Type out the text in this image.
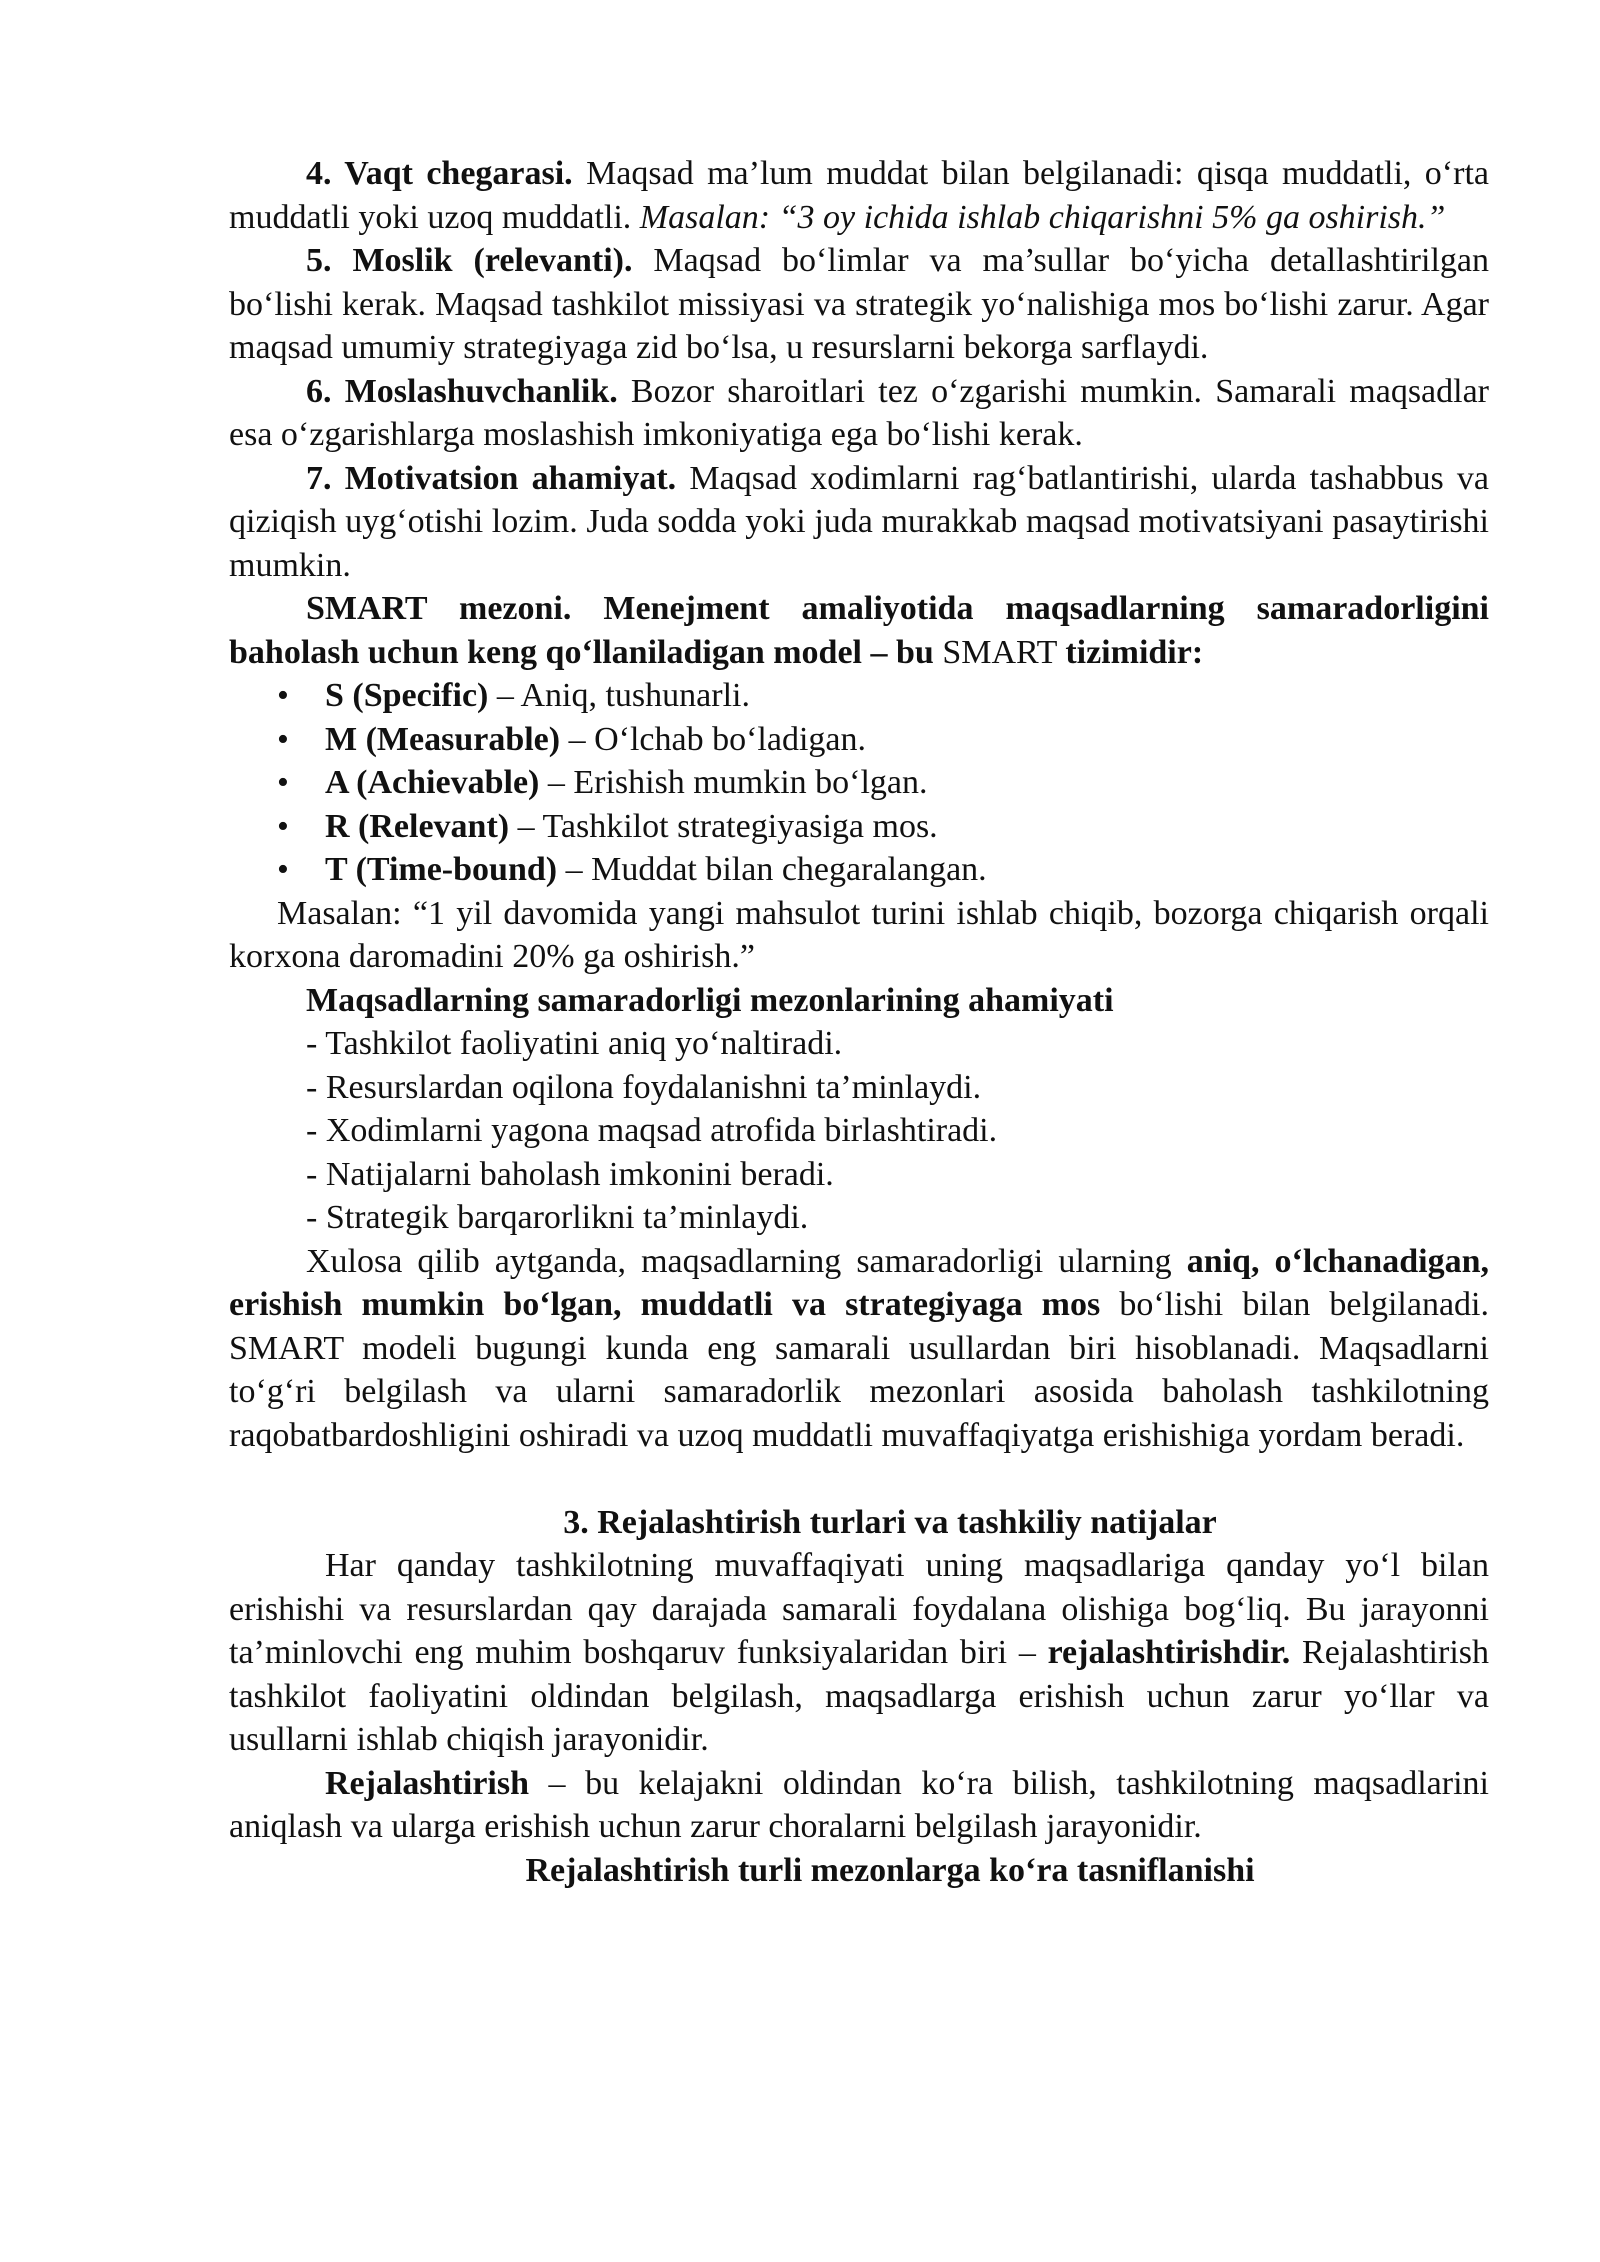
4. Vaqt chegarasi. Maqsad ma’lum muddat bilan belgilanadi: qisqa muddatli, o‘rta muddatli yoki uzoq muddatli. Masalan: “3 oy ichida ishlab chiqarishni 5% ga oshirish.”

5. Moslik (relevanti). Maqsad bo‘limlar va ma’sullar bo‘yicha detallashtirilgan bo‘lishi kerak. Maqsad tashkilot missiyasi va strategik yo‘nalishiga mos bo‘lishi zarur. Agar maqsad umumiy strategiyaga zid bo‘lsa, u resurslarni bekorga sarflaydi.

6. Moslashuvchanlik. Bozor sharoitlari tez o‘zgarishi mumkin. Samarali maqsadlar esa o‘zgarishlarga moslashish imkoniyatiga ega bo‘lishi kerak.

7. Motivatsion ahamiyat. Maqsad xodimlarni rag‘batlantirishi, ularda tashabbus va qiziqish uyg‘otishi lozim. Juda sodda yoki juda murakkab maqsad motivatsiyani pasaytirishi mumkin.

SMART mezoni. Menejment amaliyotida maqsadlarning samaradorligini baholash uchun keng qo‘llaniladigan model – bu SMART tizimidir:

• S (Specific) – Aniq, tushunarli.
• M (Measurable) – O‘lchab bo‘ladigan.
• A (Achievable) – Erishish mumkin bo‘lgan.
• R (Relevant) – Tashkilot strategiyasiga mos.
• T (Time-bound) – Muddat bilan chegaralangan.

Masalan: “1 yil davomida yangi mahsulot turini ishlab chiqib, bozorga chiqarish orqali korxona daromadini 20% ga oshirish.”

Maqsadlarning samaradorligi mezonlarining ahamiyati

- Tashkilot faoliyatini aniq yo‘naltiradi.

- Resurslardan oqilona foydalanishni ta’minlaydi.

- Xodimlarni yagona maqsad atrofida birlashtiradi.

- Natijalarni baholash imkonini beradi.

- Strategik barqarorlikni ta’minlaydi.

Xulosa qilib aytganda, maqsadlarning samaradorligi ularning aniq, o‘lchanadigan, erishish mumkin bo‘lgan, muddatli va strategiyaga mos bo‘lishi bilan belgilanadi. SMART modeli bugungi kunda eng samarali usullardan biri hisoblanadi. Maqsadlarni to‘g‘ri belgilash va ularni samaradorlik mezonlari asosida baholash tashkilotning raqobatbardoshligini oshiradi va uzoq muddatli muvaffaqiyatga erishishiga yordam beradi.

3. Rejalashtirish turlari va tashkiliy natijalar

Har qanday tashkilotning muvaffaqiyati uning maqsadlariga qanday yo‘l bilan erishishi va resurslardan qay darajada samarali foydalana olishiga bog‘liq. Bu jarayonni ta’minlovchi eng muhim boshqaruv funksiyalaridan biri – rejalashtirishdir. Rejalashtirish tashkilot faoliyatini oldindan belgilash, maqsadlarga erishish uchun zarur yo‘llar va usullarni ishlab chiqish jarayonidir.

Rejalashtirish – bu kelajakni oldindan ko‘ra bilish, tashkilotning maqsadlarini aniqlash va ularga erishish uchun zarur choralarni belgilash jarayonidir.

Rejalashtirish turli mezonlarga ko‘ra tasniflanishi
